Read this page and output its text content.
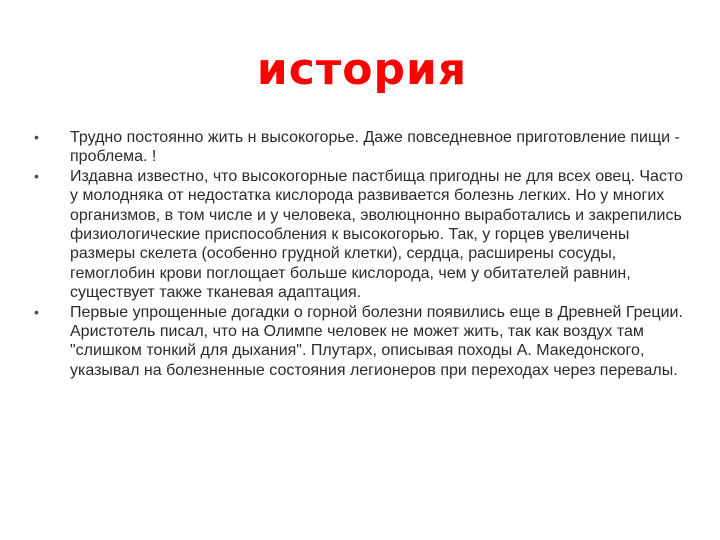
история
•	Трудно постоянно жить н высокогорье. Даже повседневное приготовление пищи - проблема. !
•	Издавна известно, что высокогорные пастбища пригодны не для всех овец. Часто у молодняка от недостатка кислорода развивается болезнь легких. Но у многих организмов, в том числе и у человека, эволюцнонно выработались и закрепились физиологические приспособления к высокогорью. Так, у горцев увеличены размеры скелета (особенно грудной клетки), сердца, расширены сосуды, гемоглобин крови поглощает больше кислорода, чем у обитателей равнин, существует также тканевая адаптация.
•	Первые упрощенные догадки о горной болезни появились еще в Древней Греции. Аристотель писал, что на Олимпе человек не может жить, так как воздух там "слишком тонкий для дыхания". Плутарх, описывая походы А. Македонского, указывал на болезненные состояния легионеров при переходах через перевалы.
